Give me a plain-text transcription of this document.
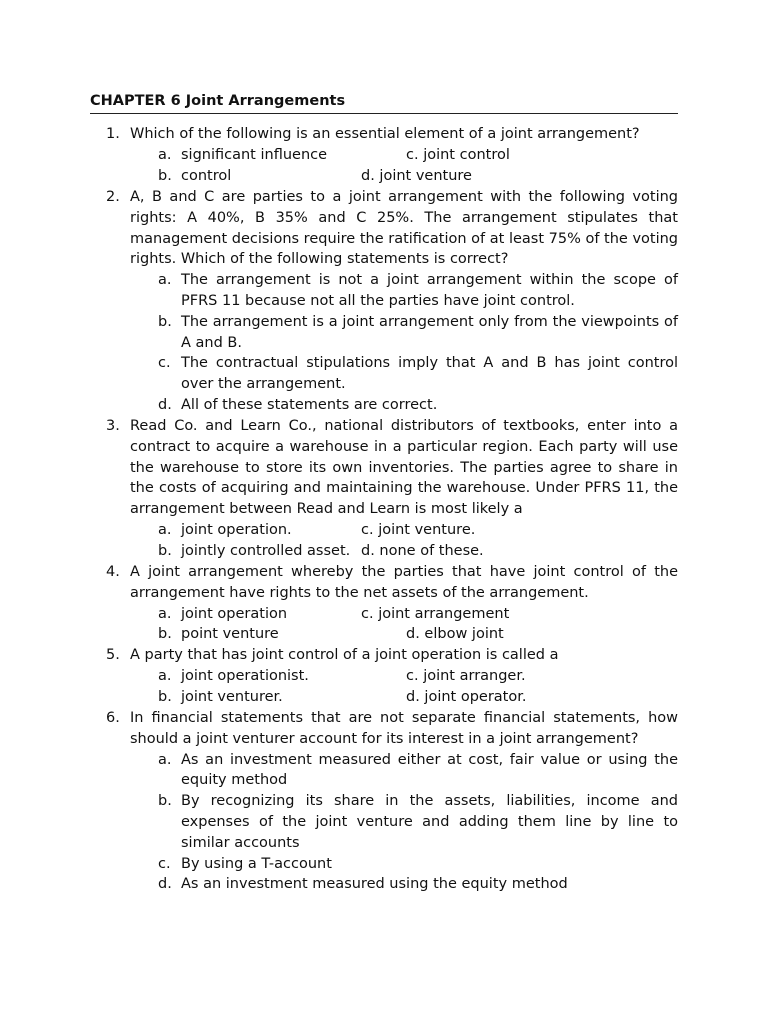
CHAPTER 6 Joint Arrangements
1. Which of the following is an essential element of a joint arrangement?
a. significant influence	c. joint control
b. control	d. joint venture
2. A, B and C are parties to a joint arrangement with the following voting rights: A 40%, B 35% and C 25%. The arrangement stipulates that management decisions require the ratification of at least 75% of the voting rights. Which of the following statements is correct?
a. The arrangement is not a joint arrangement within the scope of PFRS 11 because not all the parties have joint control.
b. The arrangement is a joint arrangement only from the viewpoints of A and B.
c. The contractual stipulations imply that A and B has joint control over the arrangement.
d. All of these statements are correct.
3. Read Co. and Learn Co., national distributors of textbooks, enter into a contract to acquire a warehouse in a particular region. Each party will use the warehouse to store its own inventories. The parties agree to share in the costs of acquiring and maintaining the warehouse. Under PFRS 11, the arrangement between Read and Learn is most likely a
a. joint operation.	c. joint venture.
b. jointly controlled asset. d. none of these.
4. A joint arrangement whereby the parties that have joint control of the arrangement have rights to the net assets of the arrangement.
a. joint operation	c. joint arrangement
b. point venture	d. elbow joint
5. A party that has joint control of a joint operation is called a
a. joint operationist.	c. joint arranger.
b. joint venturer.	d. joint operator.
6. In financial statements that are not separate financial statements, how should a joint venturer account for its interest in a joint arrangement?
a. As an investment measured either at cost, fair value or using the equity method
b. By recognizing its share in the assets, liabilities, income and expenses of the joint venture and adding them line by line to similar accounts
c. By using a T-account
d. As an investment measured using the equity method
